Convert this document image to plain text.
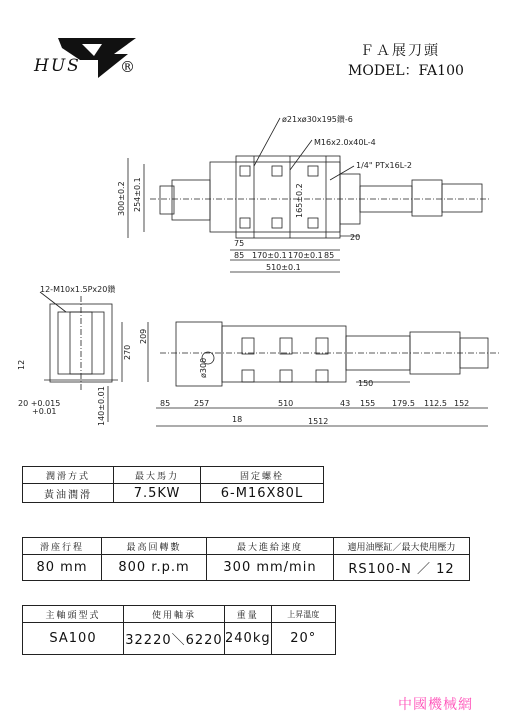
HUS	®
ＦＡ展刀頭
MODEL：FA100
ø21xø30x195鑽-6
M16x2.0x40L-4
1/4" PTx16L-2
300±0.2 254±0.1	165±0.2
75
20
85 170±0.1 170±0.1 85
510±0.1
12-M10x1.5Px20鑽
209
270
12
20 +0.015
+0.01	140±0.01
ø300
150
18
85	257	510	43 155 179.5 112.5 152
1512
潤滑方式	最大馬力	固定螺栓
黃油潤滑	7.5KW	6-M16X80L
滑座行程	最高回轉數	最大進給速度	適用油壓缸／最大使用壓力
80 mm	800 r.p.m	300 mm/min	RS100-N ／ 12
主軸頭型式	使用軸承	重量	上昇溫度
SA100	32220＼6220	240kg	20°
中國機械網
